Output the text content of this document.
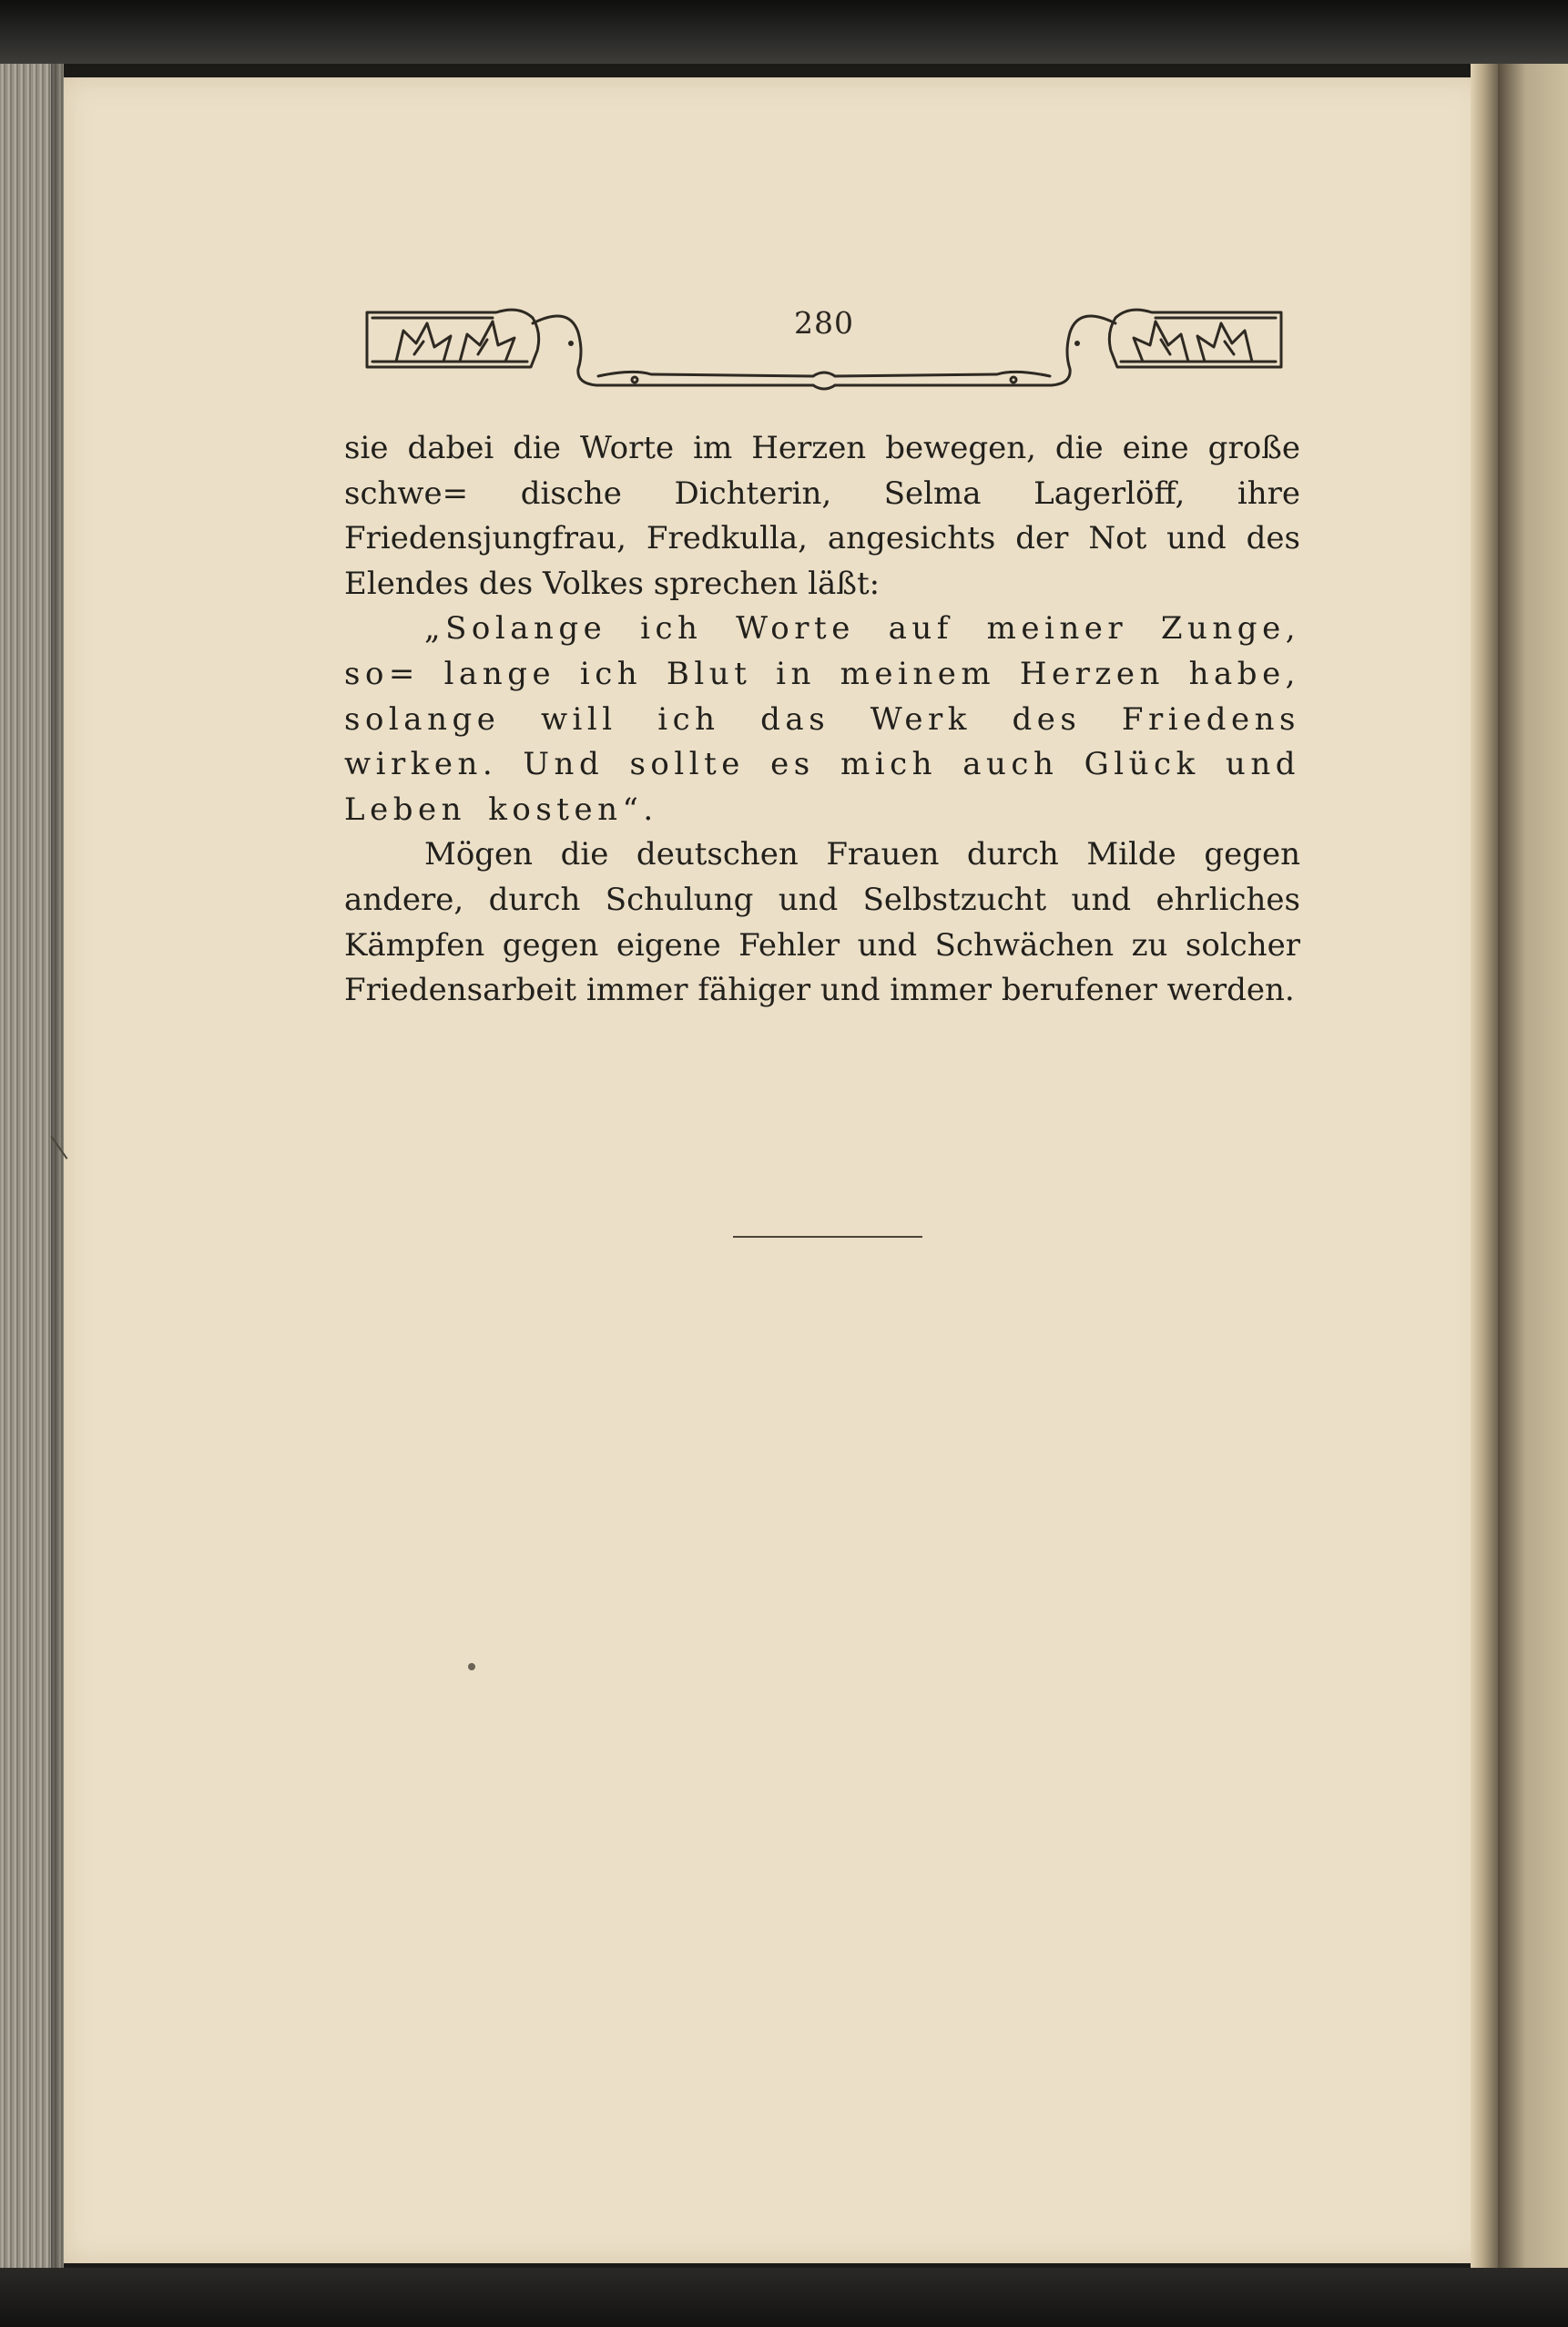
280

sie dabei die Worte im Herzen bewegen, die eine große schwe= dische Dichterin, Selma Lagerlöff, ihre Friedensjungfrau, Fredkulla, angesichts der Not und des Elendes des Volkes sprechen läßt:

„Solange ich Worte auf meiner Zunge, so= lange ich Blut in meinem Herzen habe, solange will ich das Werk des Friedens wirken. Und sollte es mich auch Glück und Leben kosten“.

Mögen die deutschen Frauen durch Milde gegen andere, durch Schulung und Selbstzucht und ehrliches Kämpfen gegen eigene Fehler und Schwächen zu solcher Friedensarbeit immer fähiger und immer berufener werden.
